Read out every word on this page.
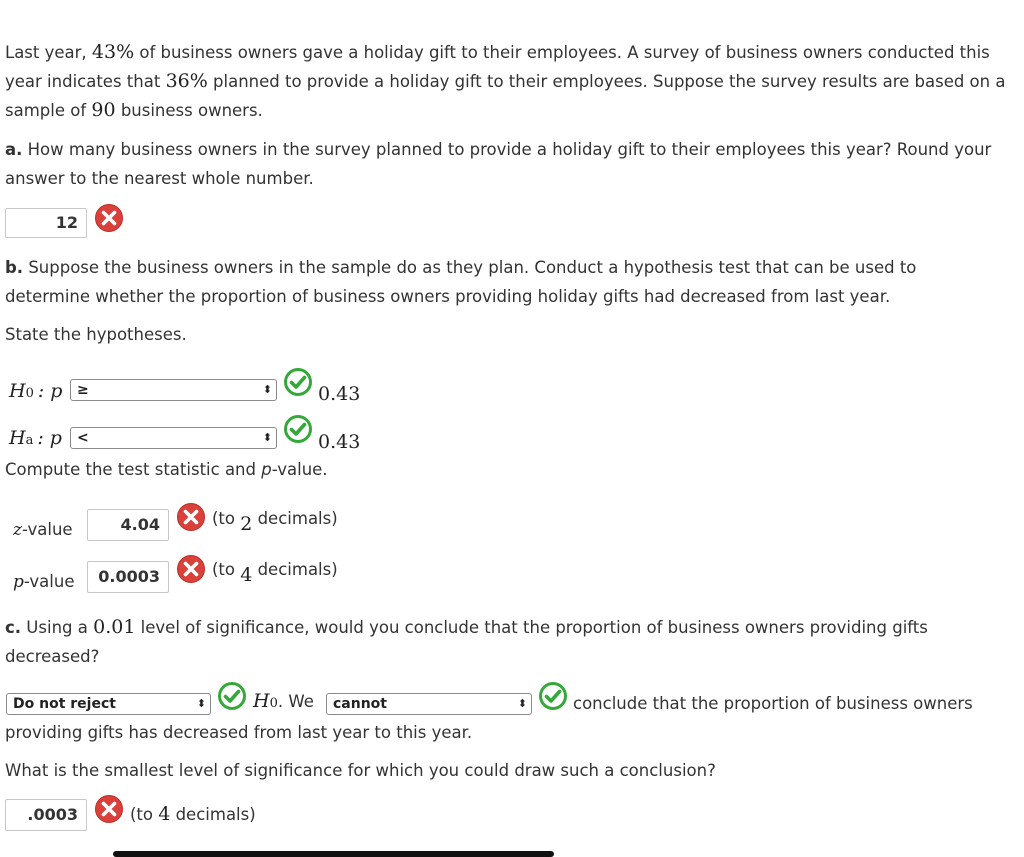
Last year, 43% of business owners gave a holiday gift to their employees. A survey of business owners conducted this
year indicates that 36% planned to provide a holiday gift to their employees. Suppose the survey results are based on a
sample of 90 business owners.
a. How many business owners in the survey planned to provide a holiday gift to their employees this year? Round your
answer to the nearest whole number.
12
b. Suppose the business owners in the sample do as they plan. Conduct a hypothesis test that can be used to
determine whether the proportion of business owners providing holiday gifts had decreased from last year.
State the hypotheses.
H0 : p	≥	⬍ 0.43
Ha : p	<	⬍ 0.43
Compute the test statistic and p-value.
z-value	4.04	(to 2 decimals)
p-value	0.0003	(to 4 decimals)
c. Using a 0.01 level of significance, would you conclude that the proportion of business owners providing gifts
decreased?
Do not reject	⬍ H0. We	cannot	⬍	conclude that the proportion of business owners
providing gifts has decreased from last year to this year.
What is the smallest level of significance for which you could draw such a conclusion?
.0003	(to 4 decimals)
